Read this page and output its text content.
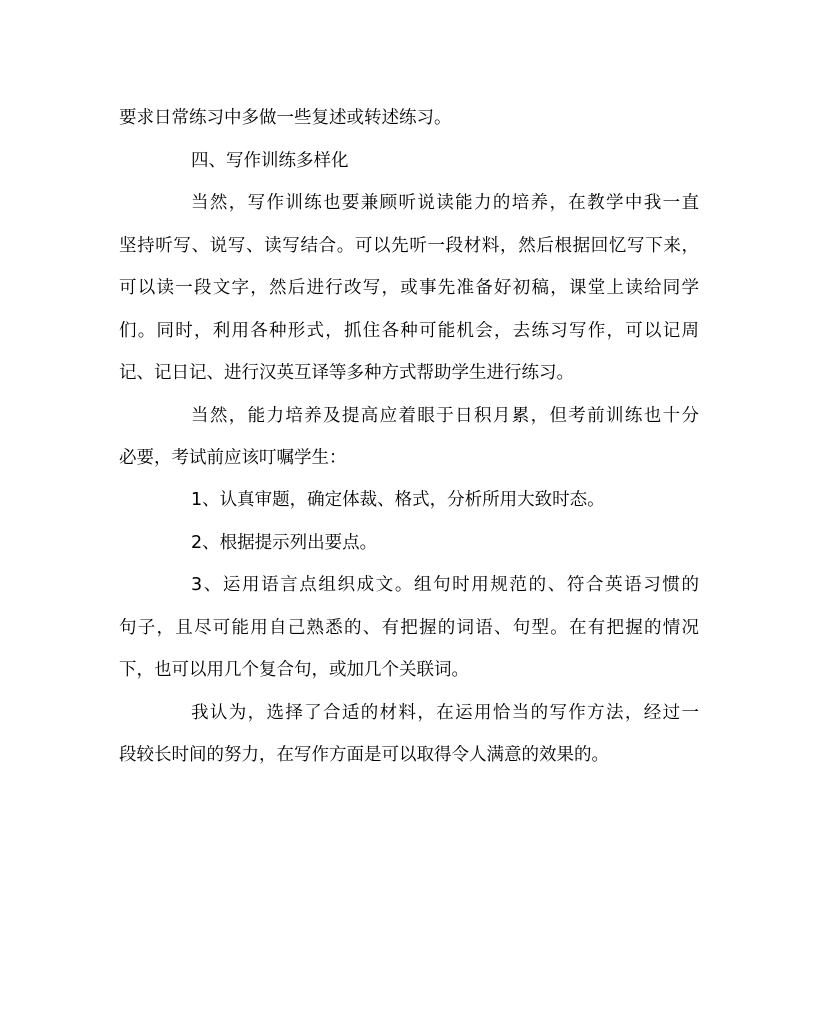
要求日常练习中多做一些复述或转述练习。
四、写作训练多样化
当然，写作训练也要兼顾听说读能力的培养，在教学中我一直
坚持听写、说写、读写结合。可以先听一段材料，然后根据回忆写下来，
可以读一段文字，然后进行改写，或事先准备好初稿，课堂上读给同学
们。同时，利用各种形式，抓住各种可能机会，去练习写作，可以记周
记、记日记、进行汉英互译等多种方式帮助学生进行练习。
当然，能力培养及提高应着眼于日积月累，但考前训练也十分
必要，考试前应该叮嘱学生：
1、认真审题，确定体裁、格式，分析所用大致时态。
2、根据提示列出要点。
3、运用语言点组织成文。组句时用规范的、符合英语习惯的
句子，且尽可能用自己熟悉的、有把握的词语、句型。在有把握的情况
下，也可以用几个复合句，或加几个关联词。
我认为，选择了合适的材料，在运用恰当的写作方法，经过一
段较长时间的努力，在写作方面是可以取得令人满意的效果的。
